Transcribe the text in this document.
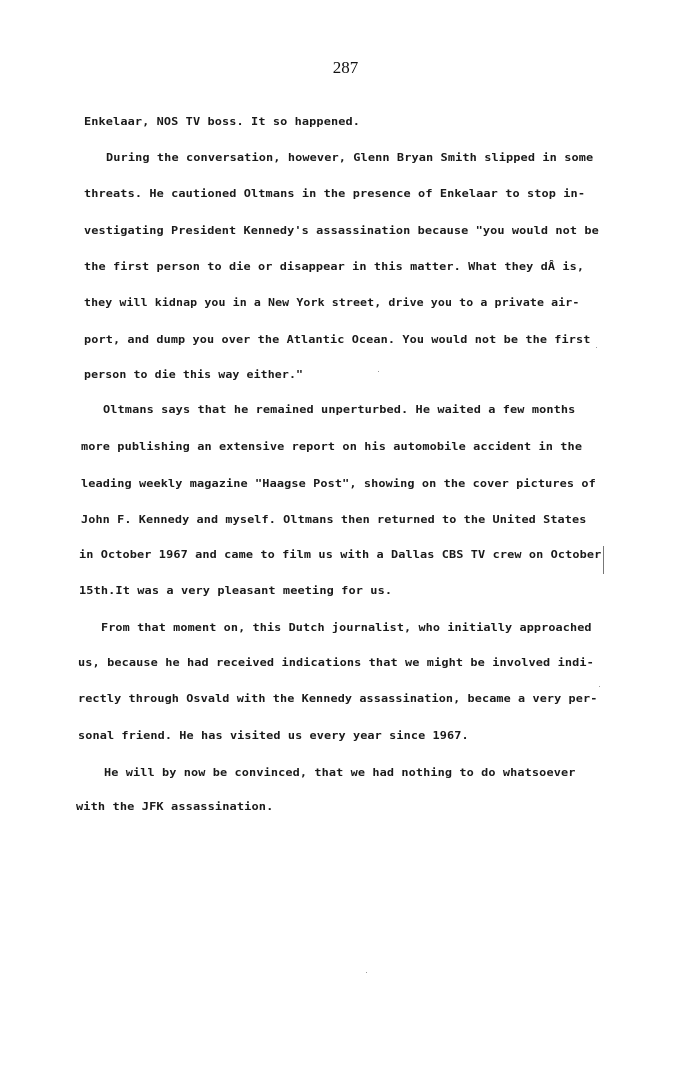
287
Enkelaar, NOS TV boss. It so happened.
During the conversation, however, Glenn Bryan Smith slipped in some
threats. He cautioned Oltmans in the presence of Enkelaar to stop in-
vestigating President Kennedy's assassination because "you would not be
the first person to die or disappear in this matter. What they dÂ is,
they will kidnap you in a New York street, drive you to a private air-
port, and dump you over the Atlantic Ocean. You would not be the first
person to die this way either."
Oltmans says that he remained unperturbed. He waited a few months
more publishing an extensive report on his automobile accident in the
leading weekly magazine "Haagse Post", showing on the cover pictures of
John F. Kennedy and myself. Oltmans then returned to the United States
in October 1967 and came to film us with a Dallas CBS TV crew on October
15th.It was a very pleasant meeting for us.
From that moment on, this Dutch journalist, who initially approached
us, because he had received indications that we might be involved indi-
rectly through Osvald with the Kennedy assassination, became a very per-
sonal friend. He has visited us every year since 1967.
He will by now be convinced, that we had nothing to do whatsoever
with the JFK assassination.
